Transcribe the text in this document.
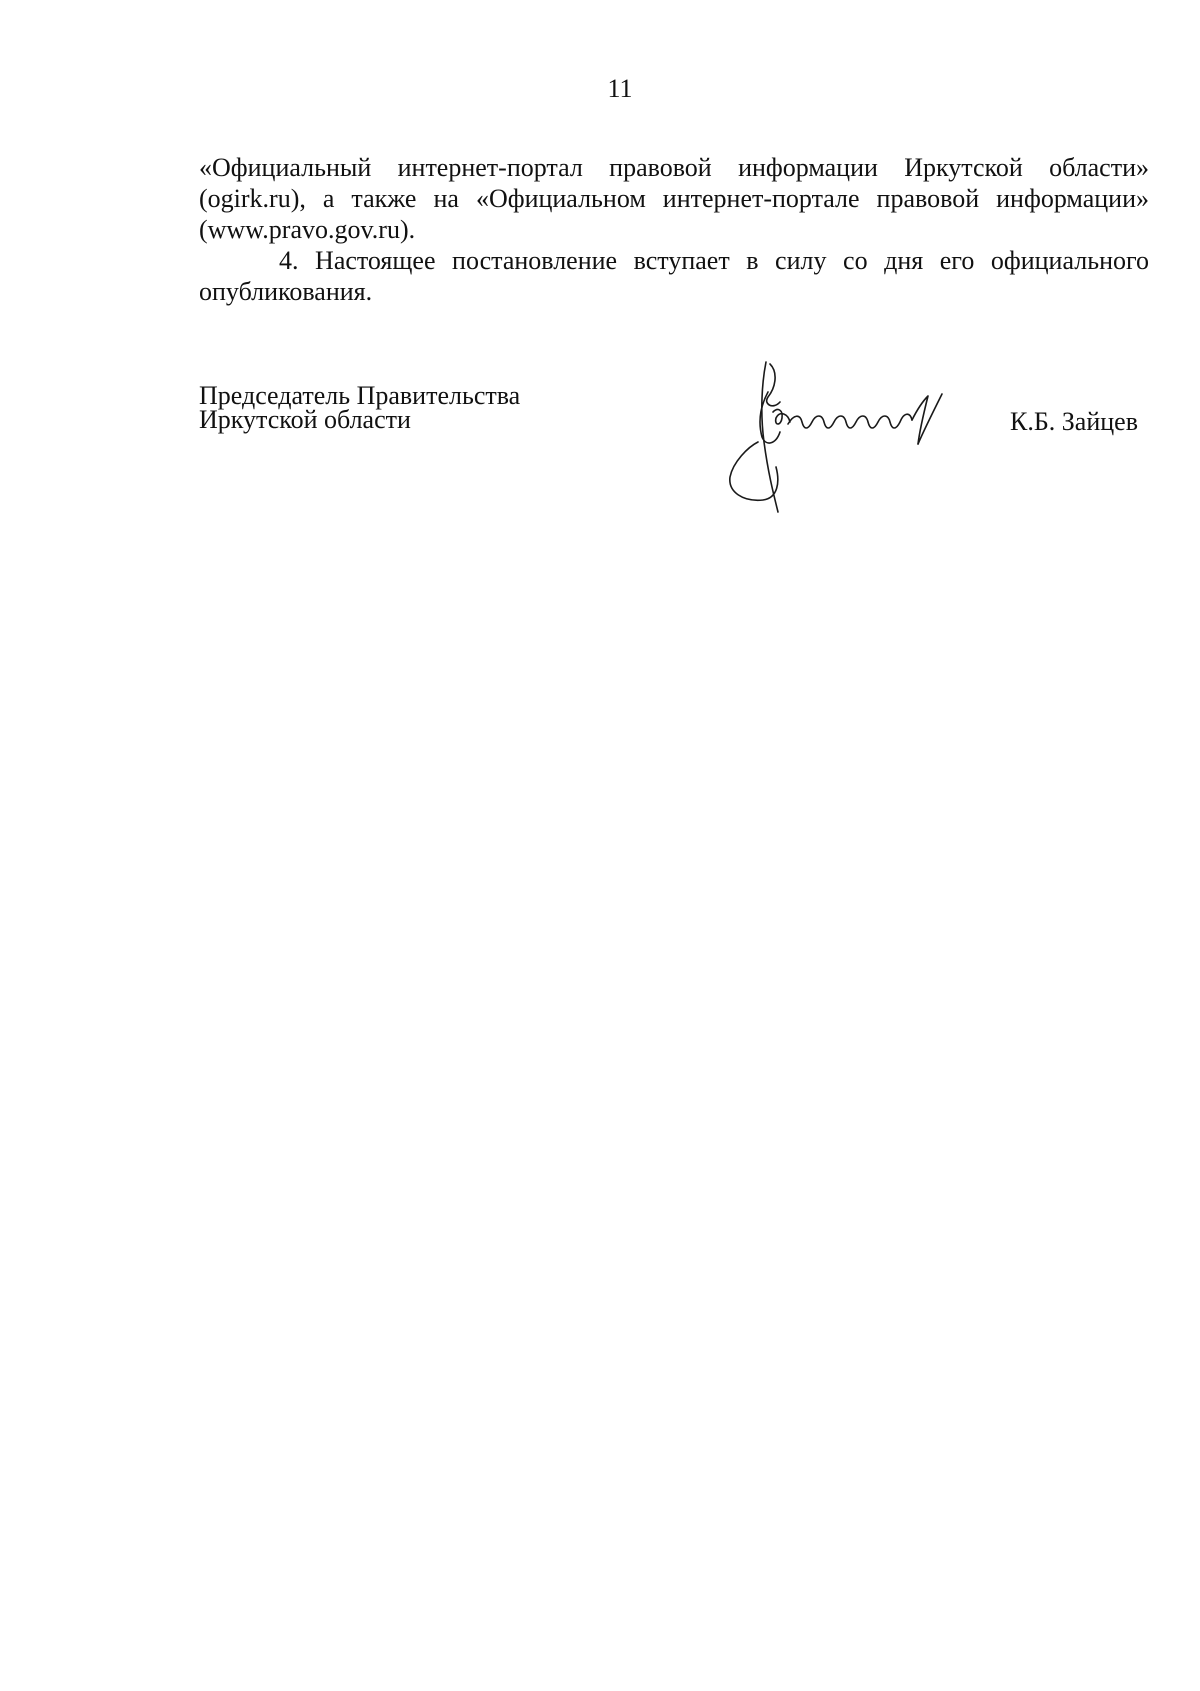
11

«Официальный интернет-портал правовой информации Иркутской области»
(ogirk.ru), а также на «Официальном интернет-портале правовой информации»
(www.pravo.gov.ru).

4. Настоящее постановление вступает в силу со дня его официального
опубликования.

Председатель Правительства
Иркутской области	К.Б. Зайцев
